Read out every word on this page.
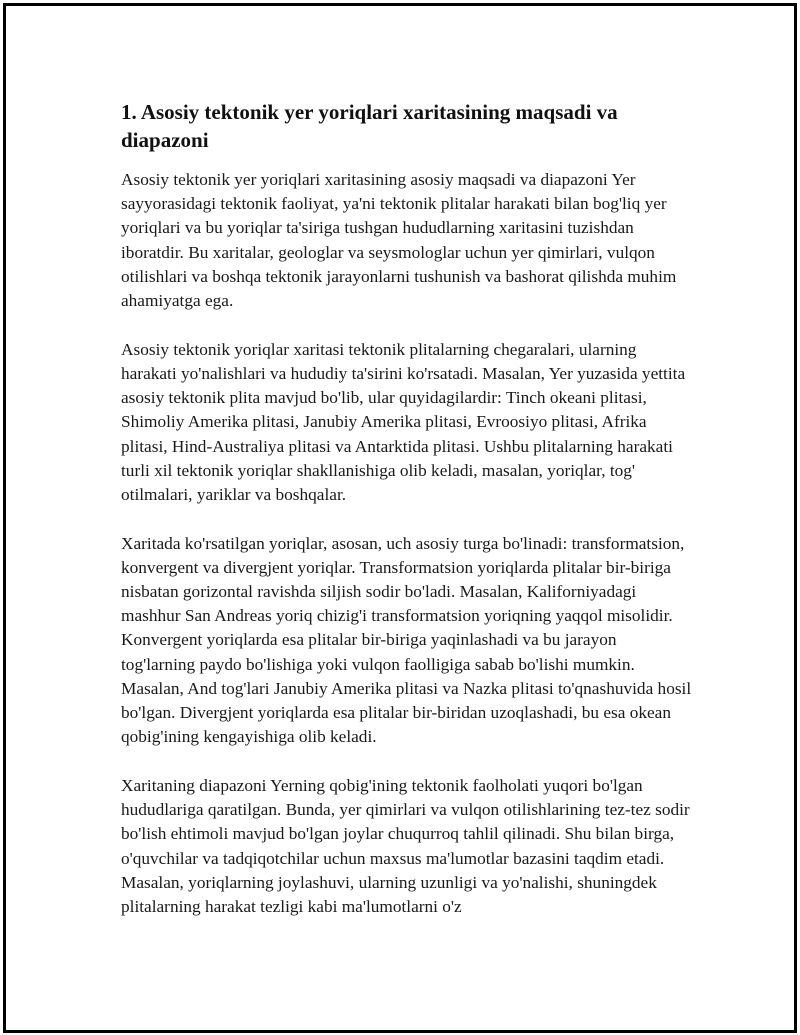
1. Asosiy tektonik yer yoriqlari xaritasining maqsadi va diapazoni

Asosiy tektonik yer yoriqlari xaritasining asosiy maqsadi va diapazoni Yer sayyorasidagi tektonik faoliyat, ya'ni tektonik plitalar harakati bilan bog'liq yer yoriqlari va bu yoriqlar ta'siriga tushgan hududlarning xaritasini tuzishdan iboratdir. Bu xaritalar, geologlar va seysmologlar uchun yer qimirlari, vulqon otilishlari va boshqa tektonik jarayonlarni tushunish va bashorat qilishda muhim ahamiyatga ega.

Asosiy tektonik yoriqlar xaritasi tektonik plitalarning chegaralari, ularning harakati yo'nalishlari va hududiy ta'sirini ko'rsatadi. Masalan, Yer yuzasida yettita asosiy tektonik plita mavjud bo'lib, ular quyidagilardir: Tinch okeani plitasi, Shimoliy Amerika plitasi, Janubiy Amerika plitasi, Evroosiyo plitasi, Afrika plitasi, Hind-Australiya plitasi va Antarktida plitasi. Ushbu plitalarning harakati turli xil tektonik yoriqlar shakllanishiga olib keladi, masalan, yoriqlar, tog' otilmalari, yariklar va boshqalar.

Xaritada ko'rsatilgan yoriqlar, asosan, uch asosiy turga bo'linadi: transformatsion, konvergent va divergjent yoriqlar. Transformatsion yoriqlarda plitalar bir-biriga nisbatan gorizontal ravishda siljish sodir bo'ladi. Masalan, Kaliforniyadagi mashhur San Andreas yoriq chizig'i transformatsion yoriqning yaqqol misolidir. Konvergent yoriqlarda esa plitalar bir-biriga yaqinlashadi va bu jarayon tog'larning paydo bo'lishiga yoki vulqon faolligiga sabab bo'lishi mumkin. Masalan, And tog'lari Janubiy Amerika plitasi va Nazka plitasi to'qnashuvida hosil bo'lgan. Divergjent yoriqlarda esa plitalar bir-biridan uzoqlashadi, bu esa okean qobig'ining kengayishiga olib keladi.

Xaritaning diapazoni Yerning qobig'ining tektonik faolholati yuqori bo'lgan hududlariga qaratilgan. Bunda, yer qimirlari va vulqon otilishlarining tez-tez sodir bo'lish ehtimoli mavjud bo'lgan joylar chuqurroq tahlil qilinadi. Shu bilan birga, o'quvchilar va tadqiqotchilar uchun maxsus ma'lumotlar bazasini taqdim etadi. Masalan, yoriqlarning joylashuvi, ularning uzunligi va yo'nalishi, shuningdek plitalarning harakat tezligi kabi ma'lumotlarni o'z
